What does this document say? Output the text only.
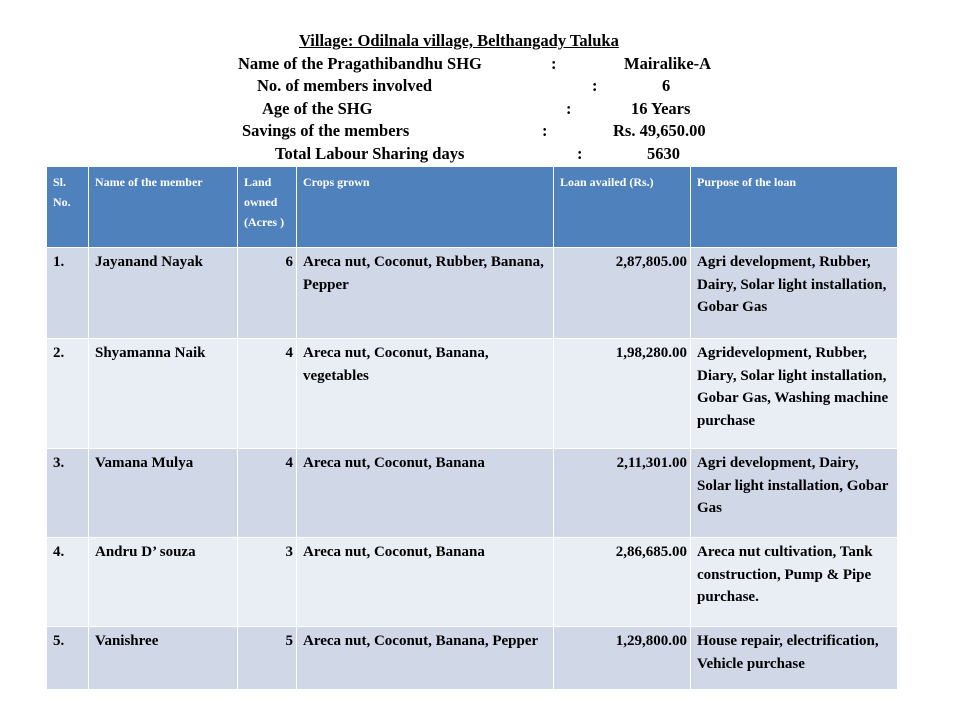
Village: Odilnala village, Belthangady Taluka
Name of the Pragathibandhu SHG	:	Mairalike-A
No. of members involved	:	6
Age of the SHG	:	16 Years
Savings of the members	:	Rs. 49,650.00
Total Labour Sharing days	:	5630
Sl. No.	Name of the member	Land owned (Acres )	Crops grown	Loan availed (Rs.)	Purpose of the loan
1.	Jayanand Nayak	6	Areca nut, Coconut, Rubber, Banana, Pepper	2,87,805.00	Agri development, Rubber, Dairy, Solar light installation, Gobar Gas
2.	Shyamanna Naik	4	Areca nut, Coconut, Banana, vegetables	1,98,280.00	Agridevelopment, Rubber, Diary, Solar light installation, Gobar Gas, Washing machine purchase
3.	Vamana Mulya	4	Areca nut, Coconut, Banana	2,11,301.00	Agri development, Dairy, Solar light installation, Gobar Gas
4.	Andru D’ souza	3	Areca nut, Coconut, Banana	2,86,685.00	Areca nut cultivation, Tank construction, Pump & Pipe purchase.
5.	Vanishree	5	Areca nut, Coconut, Banana, Pepper	1,29,800.00	House repair, electrification, Vehicle purchase
